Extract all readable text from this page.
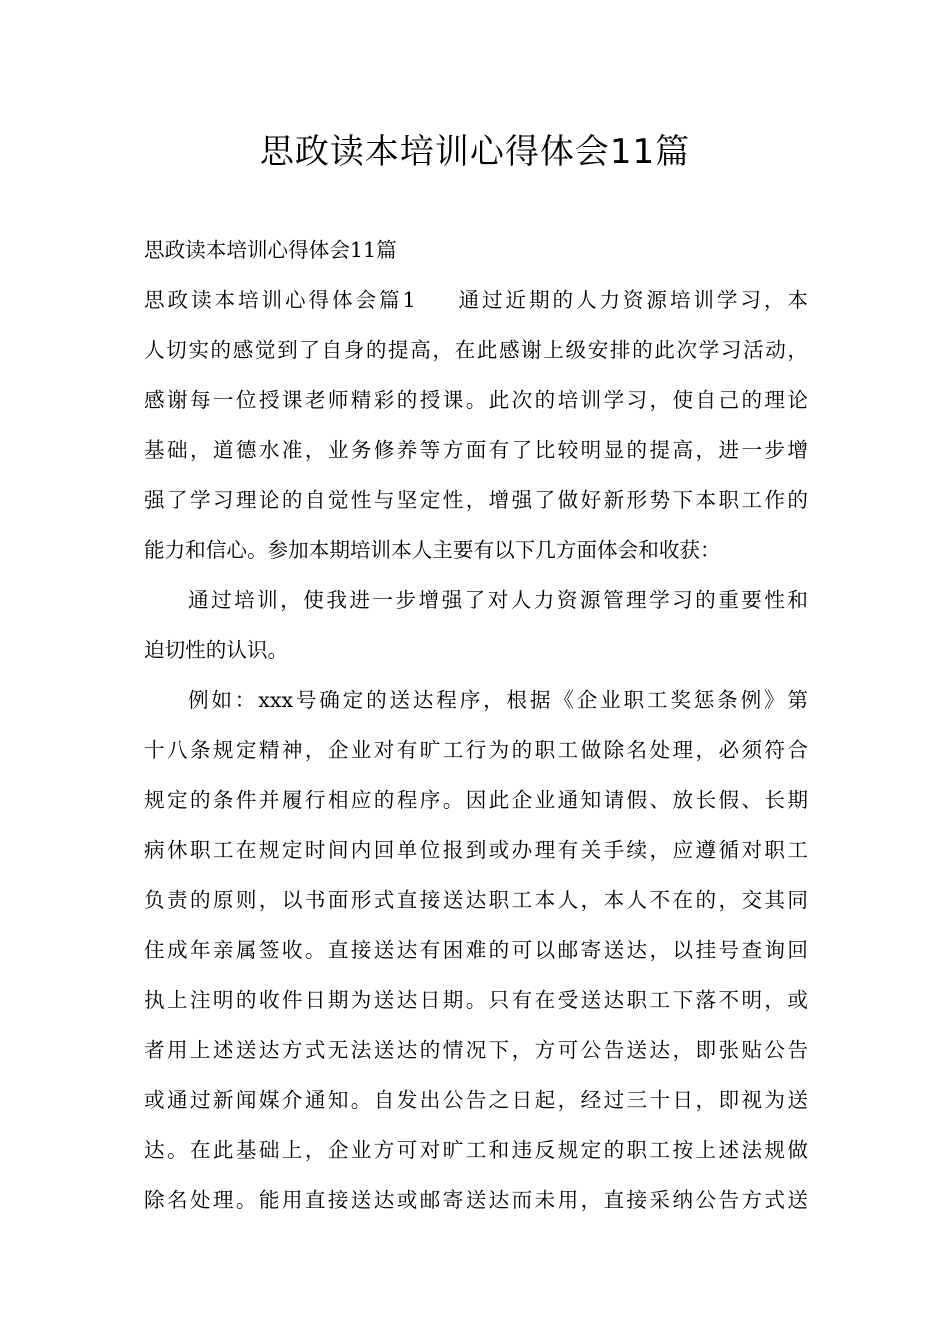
思政读本培训心得体会11篇
思政读本培训心得体会11篇
思政读本培训心得体会篇1 通过近期的人力资源培训学习，本
人切实的感觉到了自身的提高，在此感谢上级安排的此次学习活动，
感谢每一位授课老师精彩的授课。此次的培训学习，使自己的理论
基础，道德水准，业务修养等方面有了比较明显的提高，进一步增
强了学习理论的自觉性与坚定性，增强了做好新形势下本职工作的
能力和信心。参加本期培训本人主要有以下几方面体会和收获：
通过培训，使我进一步增强了对人力资源管理学习的重要性和
迫切性的认识。
例如：xxx号确定的送达程序，根据《企业职工奖惩条例》第
十八条规定精神，企业对有旷工行为的职工做除名处理，必须符合
规定的条件并履行相应的程序。因此企业通知请假、放长假、长期
病休职工在规定时间内回单位报到或办理有关手续，应遵循对职工
负责的原则，以书面形式直接送达职工本人，本人不在的，交其同
住成年亲属签收。直接送达有困难的可以邮寄送达，以挂号查询回
执上注明的收件日期为送达日期。只有在受送达职工下落不明，或
者用上述送达方式无法送达的情况下，方可公告送达，即张贴公告
或通过新闻媒介通知。自发出公告之日起，经过三十日，即视为送
达。在此基础上，企业方可对旷工和违反规定的职工按上述法规做
除名处理。能用直接送达或邮寄送达而未用，直接采纳公告方式送
